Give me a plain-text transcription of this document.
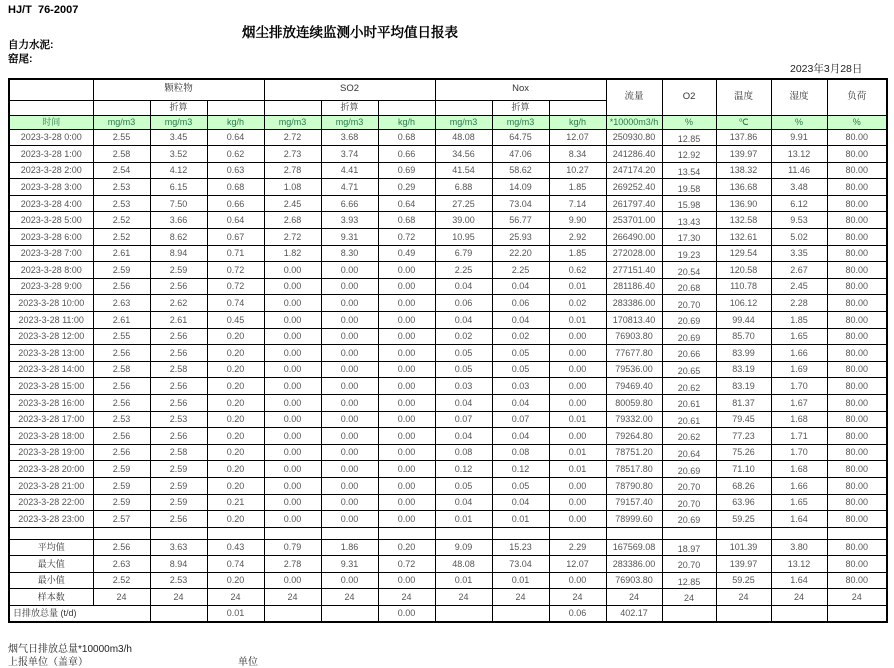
HJ/T  76-2007
烟尘排放连续监测小时平均值日报表
自力水泥:
窑尾:
2023年3月28日
	颗粒物			SO2			Nox			流量	O2	温度	湿度	负荷
		折算			折算			折算						
时间	mg/m3	mg/m3	kg/h	mg/m3	mg/m3	kg/h	mg/m3	mg/m3	kg/h	*10000m3/h	%	℃	%	%
2023-3-28 0:00	2.55	3.45	0.64	2.72	3.68	0.68	48.08	64.75	12.07	250930.80	12.85	137.86	9.91	80.00
2023-3-28 1:00	2.58	3.52	0.62	2.73	3.74	0.66	34.56	47.06	8.34	241286.40	12.92	139.97	13.12	80.00
2023-3-28 2:00	2.54	4.12	0.63	2.78	4.41	0.69	41.54	58.62	10.27	247174.20	13.54	138.32	11.46	80.00
2023-3-28 3:00	2.53	6.15	0.68	1.08	4.71	0.29	6.88	14.09	1.85	269252.40	19.58	136.68	3.48	80.00
2023-3-28 4:00	2.53	7.50	0.66	2.45	6.66	0.64	27.25	73.04	7.14	261797.40	15.98	136.90	6.12	80.00
2023-3-28 5:00	2.52	3.66	0.64	2.68	3.93	0.68	39.00	56.77	9.90	253701.00	13.43	132.58	9.53	80.00
2023-3-28 6:00	2.52	8.62	0.67	2.72	9.31	0.72	10.95	25.93	2.92	266490.00	17.30	132.61	5.02	80.00
2023-3-28 7:00	2.61	8.94	0.71	1.82	8.30	0.49	6.79	22.20	1.85	272028.00	19.23	129.54	3.35	80.00
2023-3-28 8:00	2.59	2.59	0.72	0.00	0.00	0.00	2.25	2.25	0.62	277151.40	20.54	120.58	2.67	80.00
2023-3-28 9:00	2.56	2.56	0.72	0.00	0.00	0.00	0.04	0.04	0.01	281186.40	20.68	110.78	2.45	80.00
2023-3-28 10:00	2.63	2.62	0.74	0.00	0.00	0.00	0.06	0.06	0.02	283386.00	20.70	106.12	2.28	80.00
2023-3-28 11:00	2.61	2.61	0.45	0.00	0.00	0.00	0.04	0.04	0.01	170813.40	20.69	99.44	1.85	80.00
2023-3-28 12:00	2.55	2.56	0.20	0.00	0.00	0.00	0.02	0.02	0.00	76903.80	20.69	85.70	1.65	80.00
2023-3-28 13:00	2.56	2.56	0.20	0.00	0.00	0.00	0.05	0.05	0.00	77677.80	20.66	83.99	1.66	80.00
2023-3-28 14:00	2.58	2.58	0.20	0.00	0.00	0.00	0.05	0.05	0.00	79536.00	20.65	83.19	1.69	80.00
2023-3-28 15:00	2.56	2.56	0.20	0.00	0.00	0.00	0.03	0.03	0.00	79469.40	20.62	83.19	1.70	80.00
2023-3-28 16:00	2.56	2.56	0.20	0.00	0.00	0.00	0.04	0.04	0.00	80059.80	20.61	81.37	1.67	80.00
2023-3-28 17:00	2.53	2.53	0.20	0.00	0.00	0.00	0.07	0.07	0.01	79332.00	20.61	79.45	1.68	80.00
2023-3-28 18:00	2.56	2.56	0.20	0.00	0.00	0.00	0.04	0.04	0.00	79264.80	20.62	77.23	1.71	80.00
2023-3-28 19:00	2.56	2.58	0.20	0.00	0.00	0.00	0.08	0.08	0.01	78751.20	20.64	75.26	1.70	80.00
2023-3-28 20:00	2.59	2.59	0.20	0.00	0.00	0.00	0.12	0.12	0.01	78517.80	20.69	71.10	1.68	80.00
2023-3-28 21:00	2.59	2.59	0.20	0.00	0.00	0.00	0.05	0.05	0.00	78790.80	20.70	68.26	1.66	80.00
2023-3-28 22:00	2.59	2.59	0.21	0.00	0.00	0.00	0.04	0.04	0.00	79157.40	20.70	63.96	1.65	80.00
2023-3-28 23:00	2.57	2.56	0.20	0.00	0.00	0.00	0.01	0.01	0.00	78999.60	20.69	59.25	1.64	80.00

平均值	2.56	3.63	0.43	0.79	1.86	0.20	9.09	15.23	2.29	167569.08	18.97	101.39	3.80	80.00
最大值	2.63	8.94	0.74	2.78	9.31	0.72	48.08	73.04	12.07	283386.00	20.70	139.97	13.12	80.00
最小值	2.52	2.53	0.20	0.00	0.00	0.00	0.01	0.01	0.00	76903.80	12.85	59.25	1.64	80.00
样本数	24	24	24	24	24	24	24	24	24	24	24	24	24	24
日排放总量 (t/d)			0.01			0.00			0.06	402.17				
烟气日排放总量*10000m3/h
上报单位（盖章）	单位
